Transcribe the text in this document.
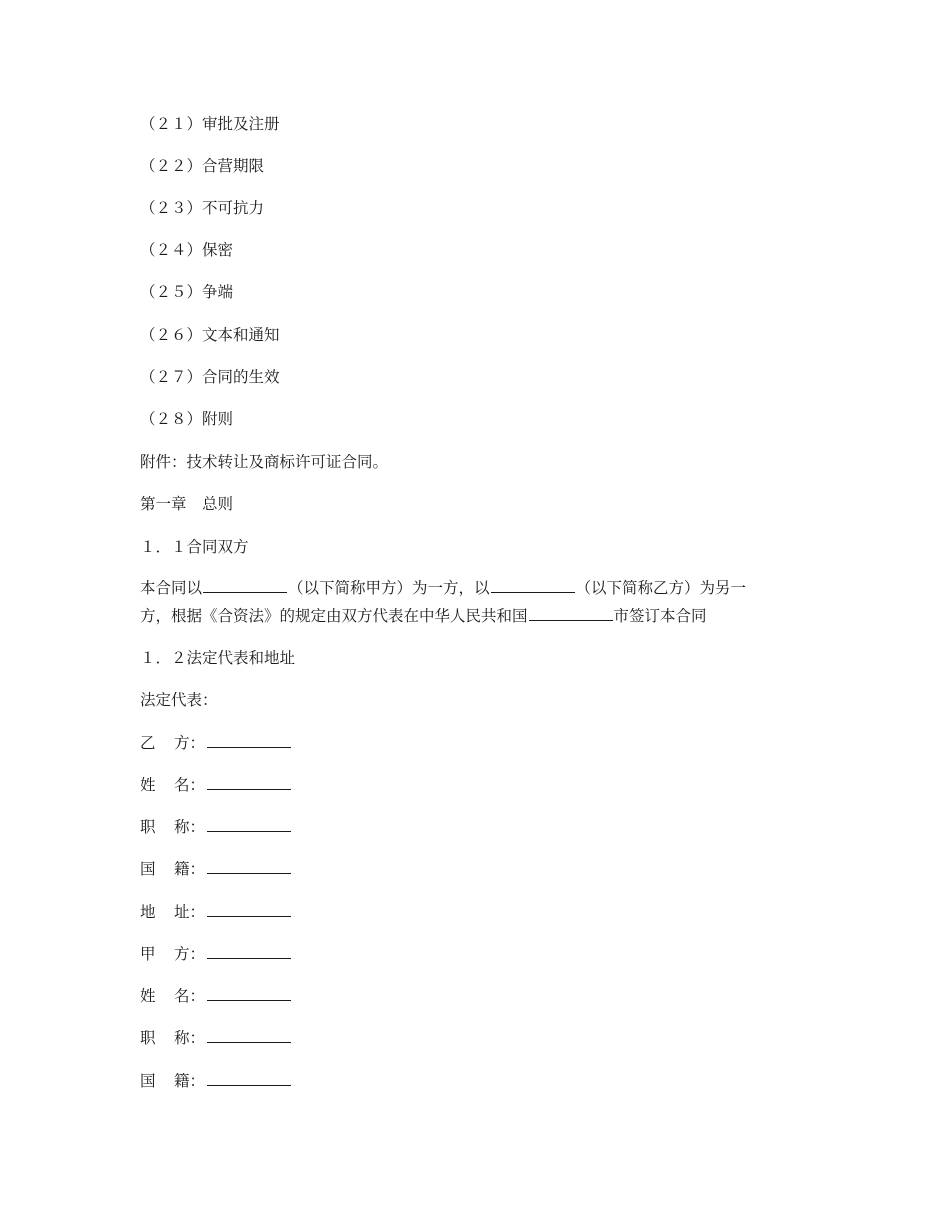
（２１）审批及注册
（２２）合营期限
（２３）不可抗力
（２４）保密
（２５）争端
（２６）文本和通知
（２７）合同的生效
（２８）附则
附件：技术转让及商标许可证合同。
第一章　总则
１．１合同双方
本合同以	（以下简称甲方）为一方，以	（以下简称乙方）为另一
方，根据《合资法》的规定由双方代表在中华人民共和国	市签订本合同
１．２法定代表和地址
法定代表：
乙 方：
姓 名：
职 称：
国 籍：
地 址：
甲 方：
姓 名：
职 称：
国 籍：
